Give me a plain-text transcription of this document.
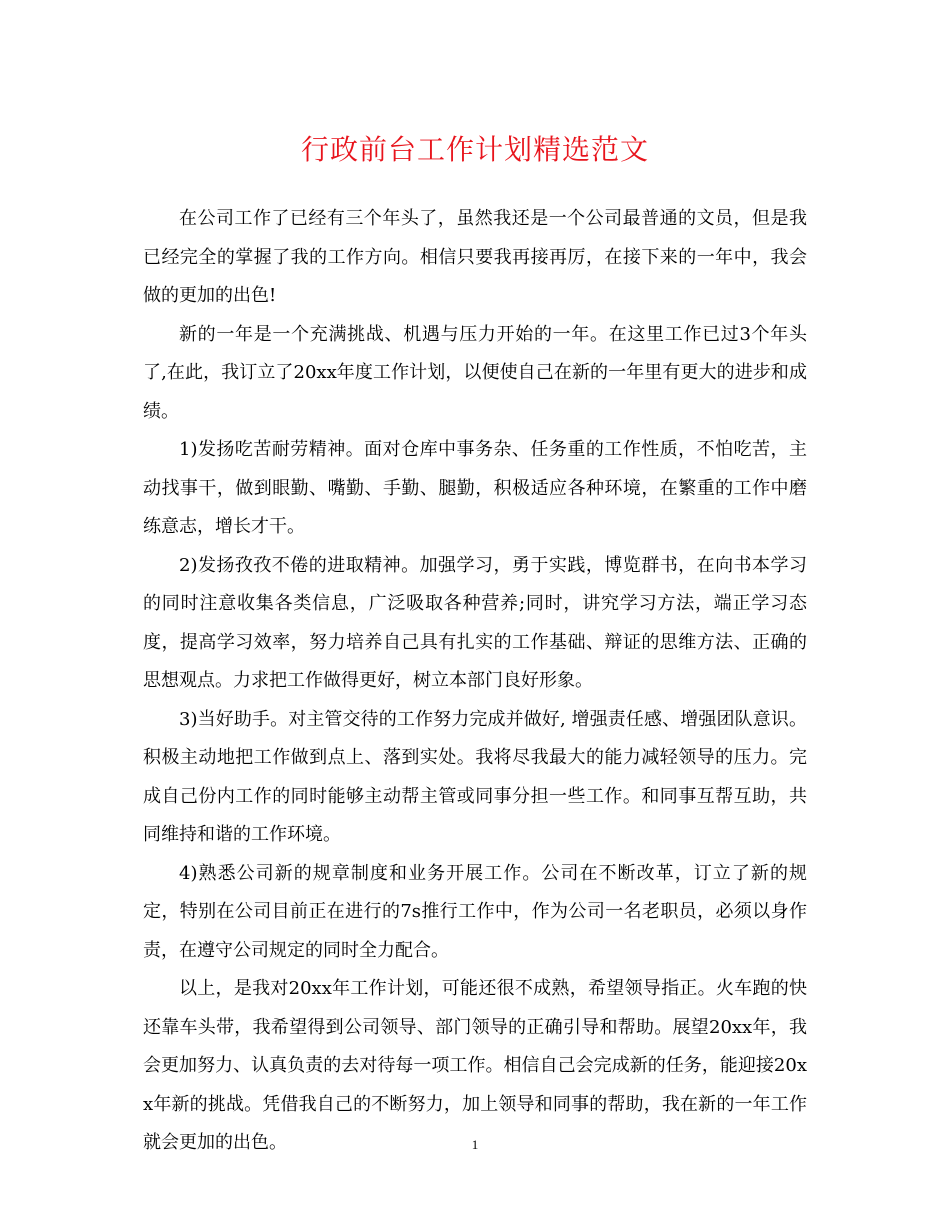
行政前台工作计划精选范文

在公司工作了已经有三个年头了，虽然我还是一个公司最普通的文员，但是我已经完全的掌握了我的工作方向。相信只要我再接再厉，在接下来的一年中，我会做的更加的出色!

新的一年是一个充满挑战、机遇与压力开始的一年。在这里工作已过3个年头了,在此，我订立了20xx年度工作计划，以便使自己在新的一年里有更大的进步和成绩。

1)发扬吃苦耐劳精神。面对仓库中事务杂、任务重的工作性质，不怕吃苦，主动找事干，做到眼勤、嘴勤、手勤、腿勤，积极适应各种环境，在繁重的工作中磨练意志，增长才干。

2)发扬孜孜不倦的进取精神。加强学习，勇于实践，博览群书，在向书本学习的同时注意收集各类信息，广泛吸取各种营养;同时，讲究学习方法，端正学习态度，提高学习效率，努力培养自己具有扎实的工作基础、辩证的思维方法、正确的思想观点。力求把工作做得更好，树立本部门良好形象。

3)当好助手。对主管交待的工作努力完成并做好, 增强责任感、增强团队意识。积极主动地把工作做到点上、落到实处。我将尽我最大的能力减轻领导的压力。完成自己份内工作的同时能够主动帮主管或同事分担一些工作。和同事互帮互助，共同维持和谐的工作环境。

4)熟悉公司新的规章制度和业务开展工作。公司在不断改革，订立了新的规定，特别在公司目前正在进行的7s推行工作中，作为公司一名老职员，必须以身作责，在遵守公司规定的同时全力配合。

以上，是我对20xx年工作计划，可能还很不成熟，希望领导指正。火车跑的快还靠车头带，我希望得到公司领导、部门领导的正确引导和帮助。展望20xx年，我会更加努力、认真负责的去对待每一项工作。相信自己会完成新的任务，能迎接20xx年新的挑战。凭借我自己的不断努力，加上领导和同事的帮助，我在新的一年工作就会更加的出色。	1
